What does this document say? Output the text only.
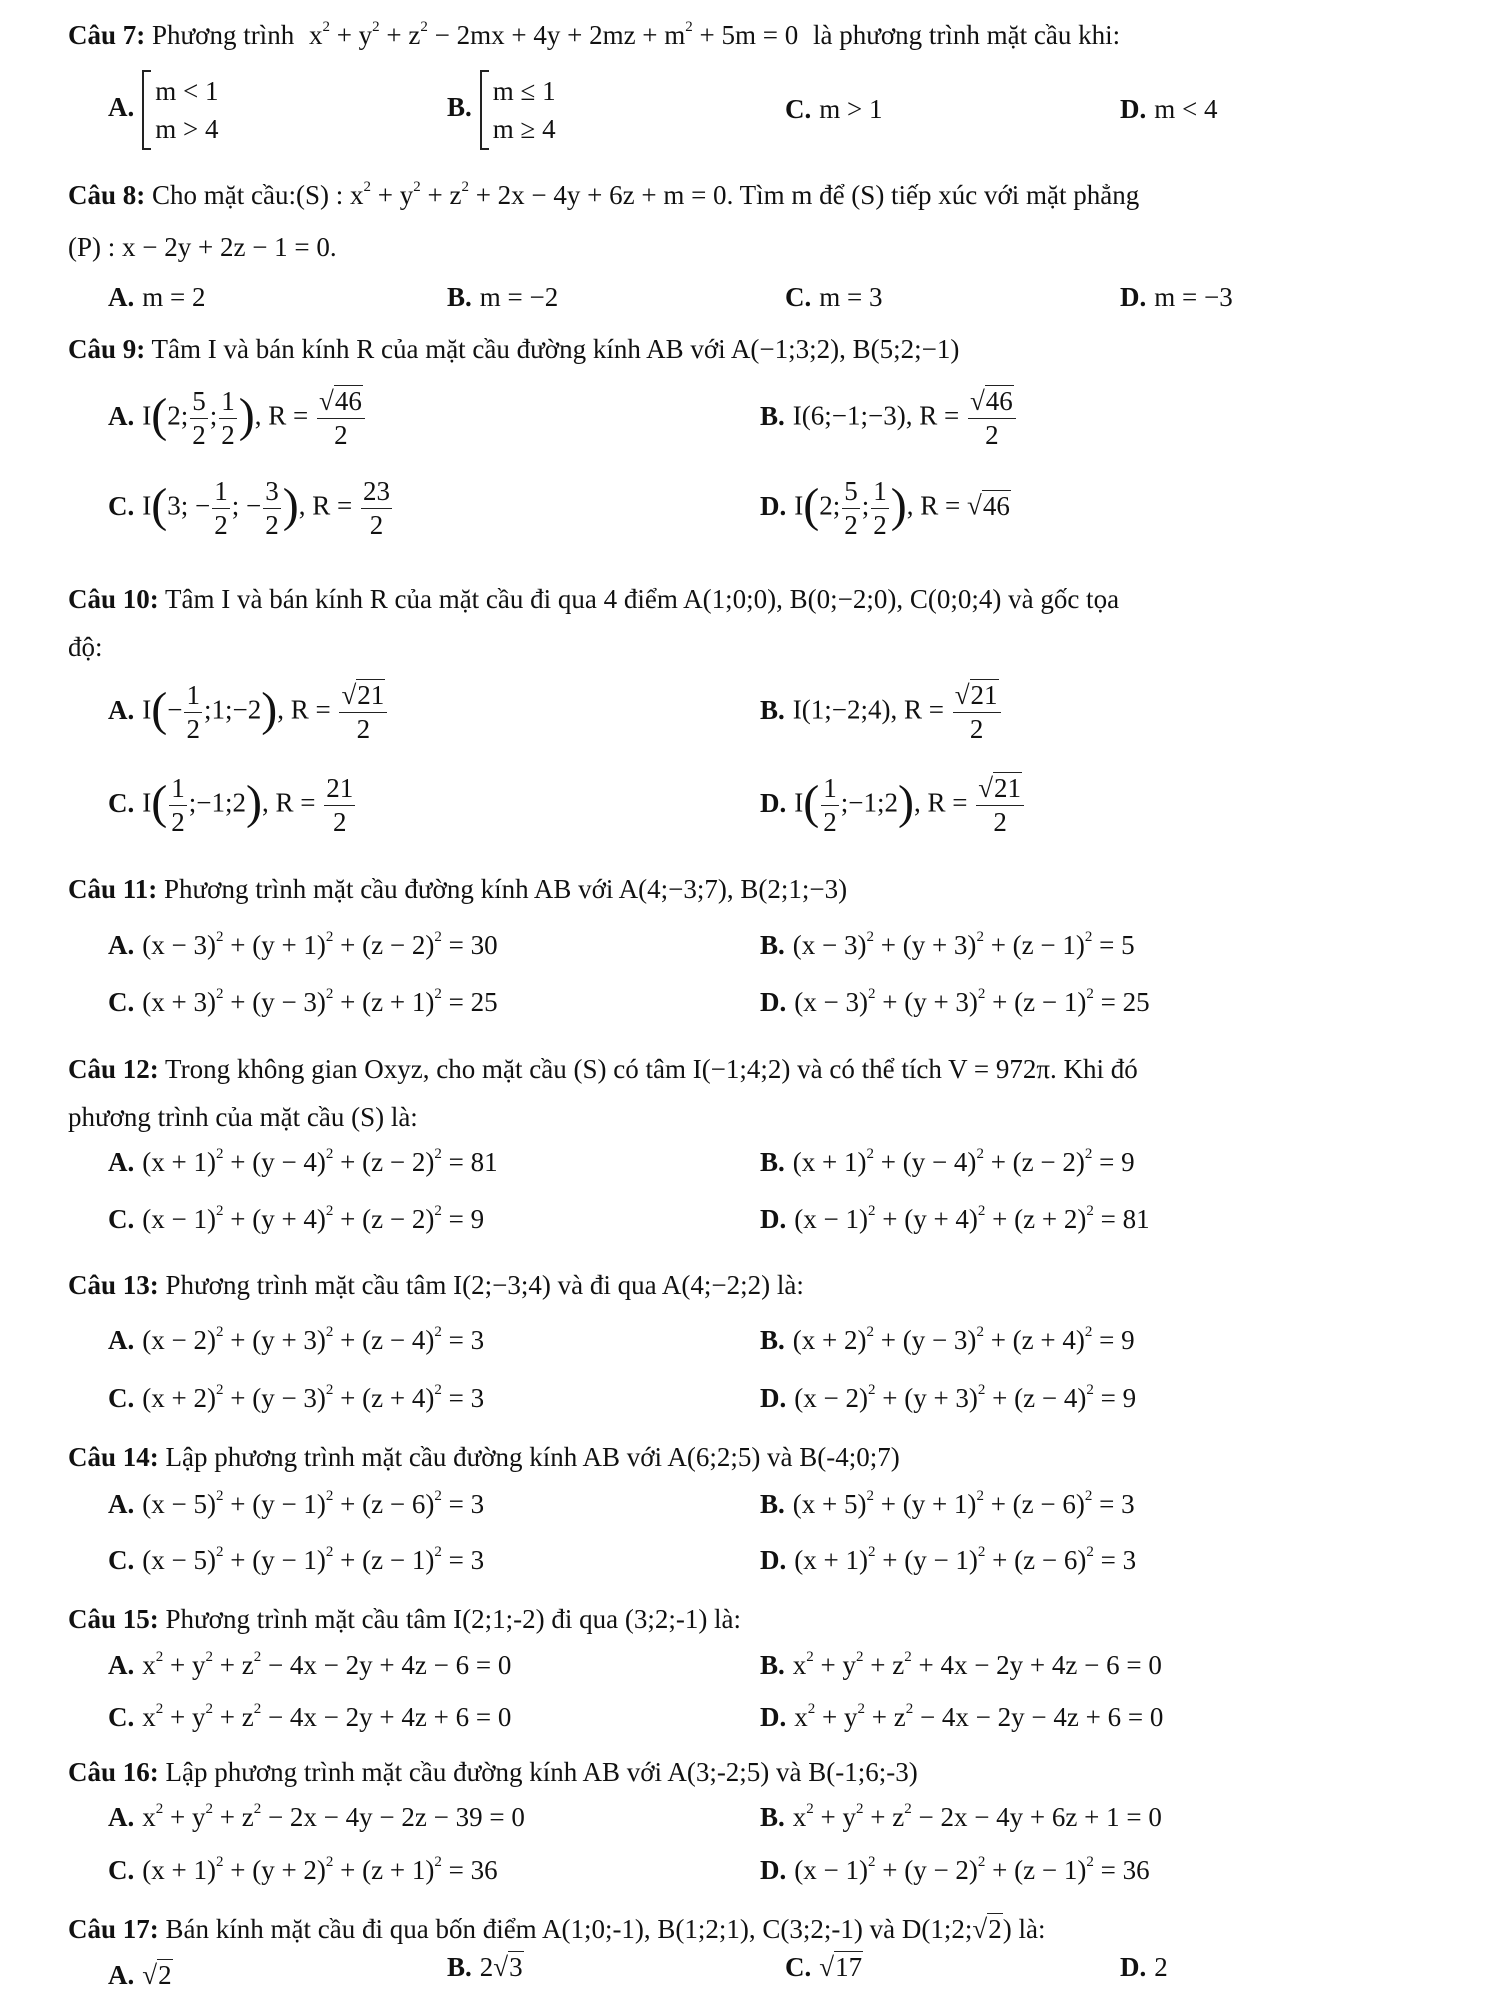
Câu 7: Phương trình $x^2 + y^2 + z^2 - 2mx + 4y + 2mz + m^2 + 5m = 0$ là phương trình mặt cầu khi:
A.
m < 1
m > 4
B.
m ≤ 1
m ≥ 4
C. m > 1	D. m < 4
Câu 8: Cho mặt cầu:(S) : $x^2 + y^2 + z^2 + 2x - 4y + 6z + m = 0$. Tìm m để (S) tiếp xúc với mặt phẳng
(P) : x − 2y + 2z − 1 = 0.
A. m = 2	B. m = −2	C. m = 3	D. m = −3
Câu 9: Tâm I và bán kính R của mặt cầu đường kính AB với A(−1;3;2), B(5;2;−1)
A. I(2; $\frac{5}{2}$ ; $\frac{1}{2}$ ), $R = \frac{√46}{2}$	B. I(6;−1;−3), $R = \frac{√46}{2}$
C. I(3; − $\frac{1}{2}$ ; − $\frac{3}{2}$ ), $R = \frac{23}{2}$	D. I(2; $\frac{5}{2}$ ; $\frac{1}{2}$ ), R = √46
Câu 10: Tâm I và bán kính R của mặt cầu đi qua 4 điểm A(1;0;0), B(0;−2;0), C(0;0;4) và gốc tọa
độ:
A. $I(- \frac{1}{2}$ ;1;−2), $R = \frac{√21}{2}$	B. I(1;−2;4), $R = \frac{√21}{2}$
C. $I( \frac{1}{2}$ ;−1;2), $R = \frac{21}{2}$	D. $I( \frac{1}{2}$ ;−1;2), $R = \frac{√21}{2}$
Câu 11: Phương trình mặt cầu đường kính AB với A(4;−3;7), B(2;1;−3)
A. $(x - 3)^2 + (y + 1)^2 + (z - 2)^2 = 30$	B. $(x - 3)^2 + (y + 3)^2 + (z - 1)^2 = 5$
C. $(x + 3)^2 + (y - 3)^2 + (z + 1)^2 = 25$	D. $(x - 3)^2 + (y + 3)^2 + (z - 1)^2 = 25$
Câu 12: Trong không gian Oxyz, cho mặt cầu (S) có tâm I(−1;4;2) và có thể tích V = 972π. Khi đó
phương trình của mặt cầu (S) là:
A. $(x + 1)^2 + (y - 4)^2 + (z - 2)^2 = 81$	B. $(x + 1)^2 + (y - 4)^2 + (z - 2)^2 = 9$
C. $(x - 1)^2 + (y + 4)^2 + (z - 2)^2 = 9$	D. $(x - 1)^2 + (y + 4)^2 + (z + 2)^2 = 81$
Câu 13: Phương trình mặt cầu tâm I(2;−3;4) và đi qua A(4;−2;2) là:
A. $(x - 2)^2 + (y + 3)^2 + (z - 4)^2 = 3$	B. $(x + 2)^2 + (y - 3)^2 + (z + 4)^2 = 9$
C. $(x + 2)^2 + (y - 3)^2 + (z + 4)^2 = 3$	D. $(x - 2)^2 + (y + 3)^2 + (z - 4)^2 = 9$
Câu 14: Lập phương trình mặt cầu đường kính AB với A(6;2;5) và B(-4;0;7)
A. $(x - 5)^2 + (y - 1)^2 + (z - 6)^2 = 3$	B. $(x + 5)^2 + (y + 1)^2 + (z - 6)^2 = 3$
C. $(x - 5)^2 + (y - 1)^2 + (z - 1)^2 = 3$	D. $(x + 1)^2 + (y - 1)^2 + (z - 6)^2 = 3$
Câu 15: Phương trình mặt cầu tâm I(2;1;-2) đi qua (3;2;-1) là:
A. $x^2 + y^2 + z^2 - 4x - 2y + 4z - 6 = 0$	B. $x^2 + y^2 + z^2 + 4x - 2y + 4z - 6 = 0$
C. $x^2 + y^2 + z^2 - 4x - 2y + 4z + 6 = 0$	D. $x^2 + y^2 + z^2 - 4x - 2y - 4z + 6 = 0$
Câu 16: Lập phương trình mặt cầu đường kính AB với A(3;-2;5) và B(-1;6;-3)
A. $x^2 + y^2 + z^2 - 2x - 4y - 2z - 39 = 0$	B. $x^2 + y^2 + z^2 - 2x - 4y + 6z + 1 = 0$
C. $(x + 1)^2 + (y + 2)^2 + (z + 1)^2 = 36$	D. $(x - 1)^2 + (y - 2)^2 + (z - 1)^2 = 36$
Câu 17: Bán kính mặt cầu đi qua bốn điểm A(1;0;-1), B(1;2;1), C(3;2;-1) và D(1;2;√2) là:
A. √2	B. 2√3	C. √17	D. 2
